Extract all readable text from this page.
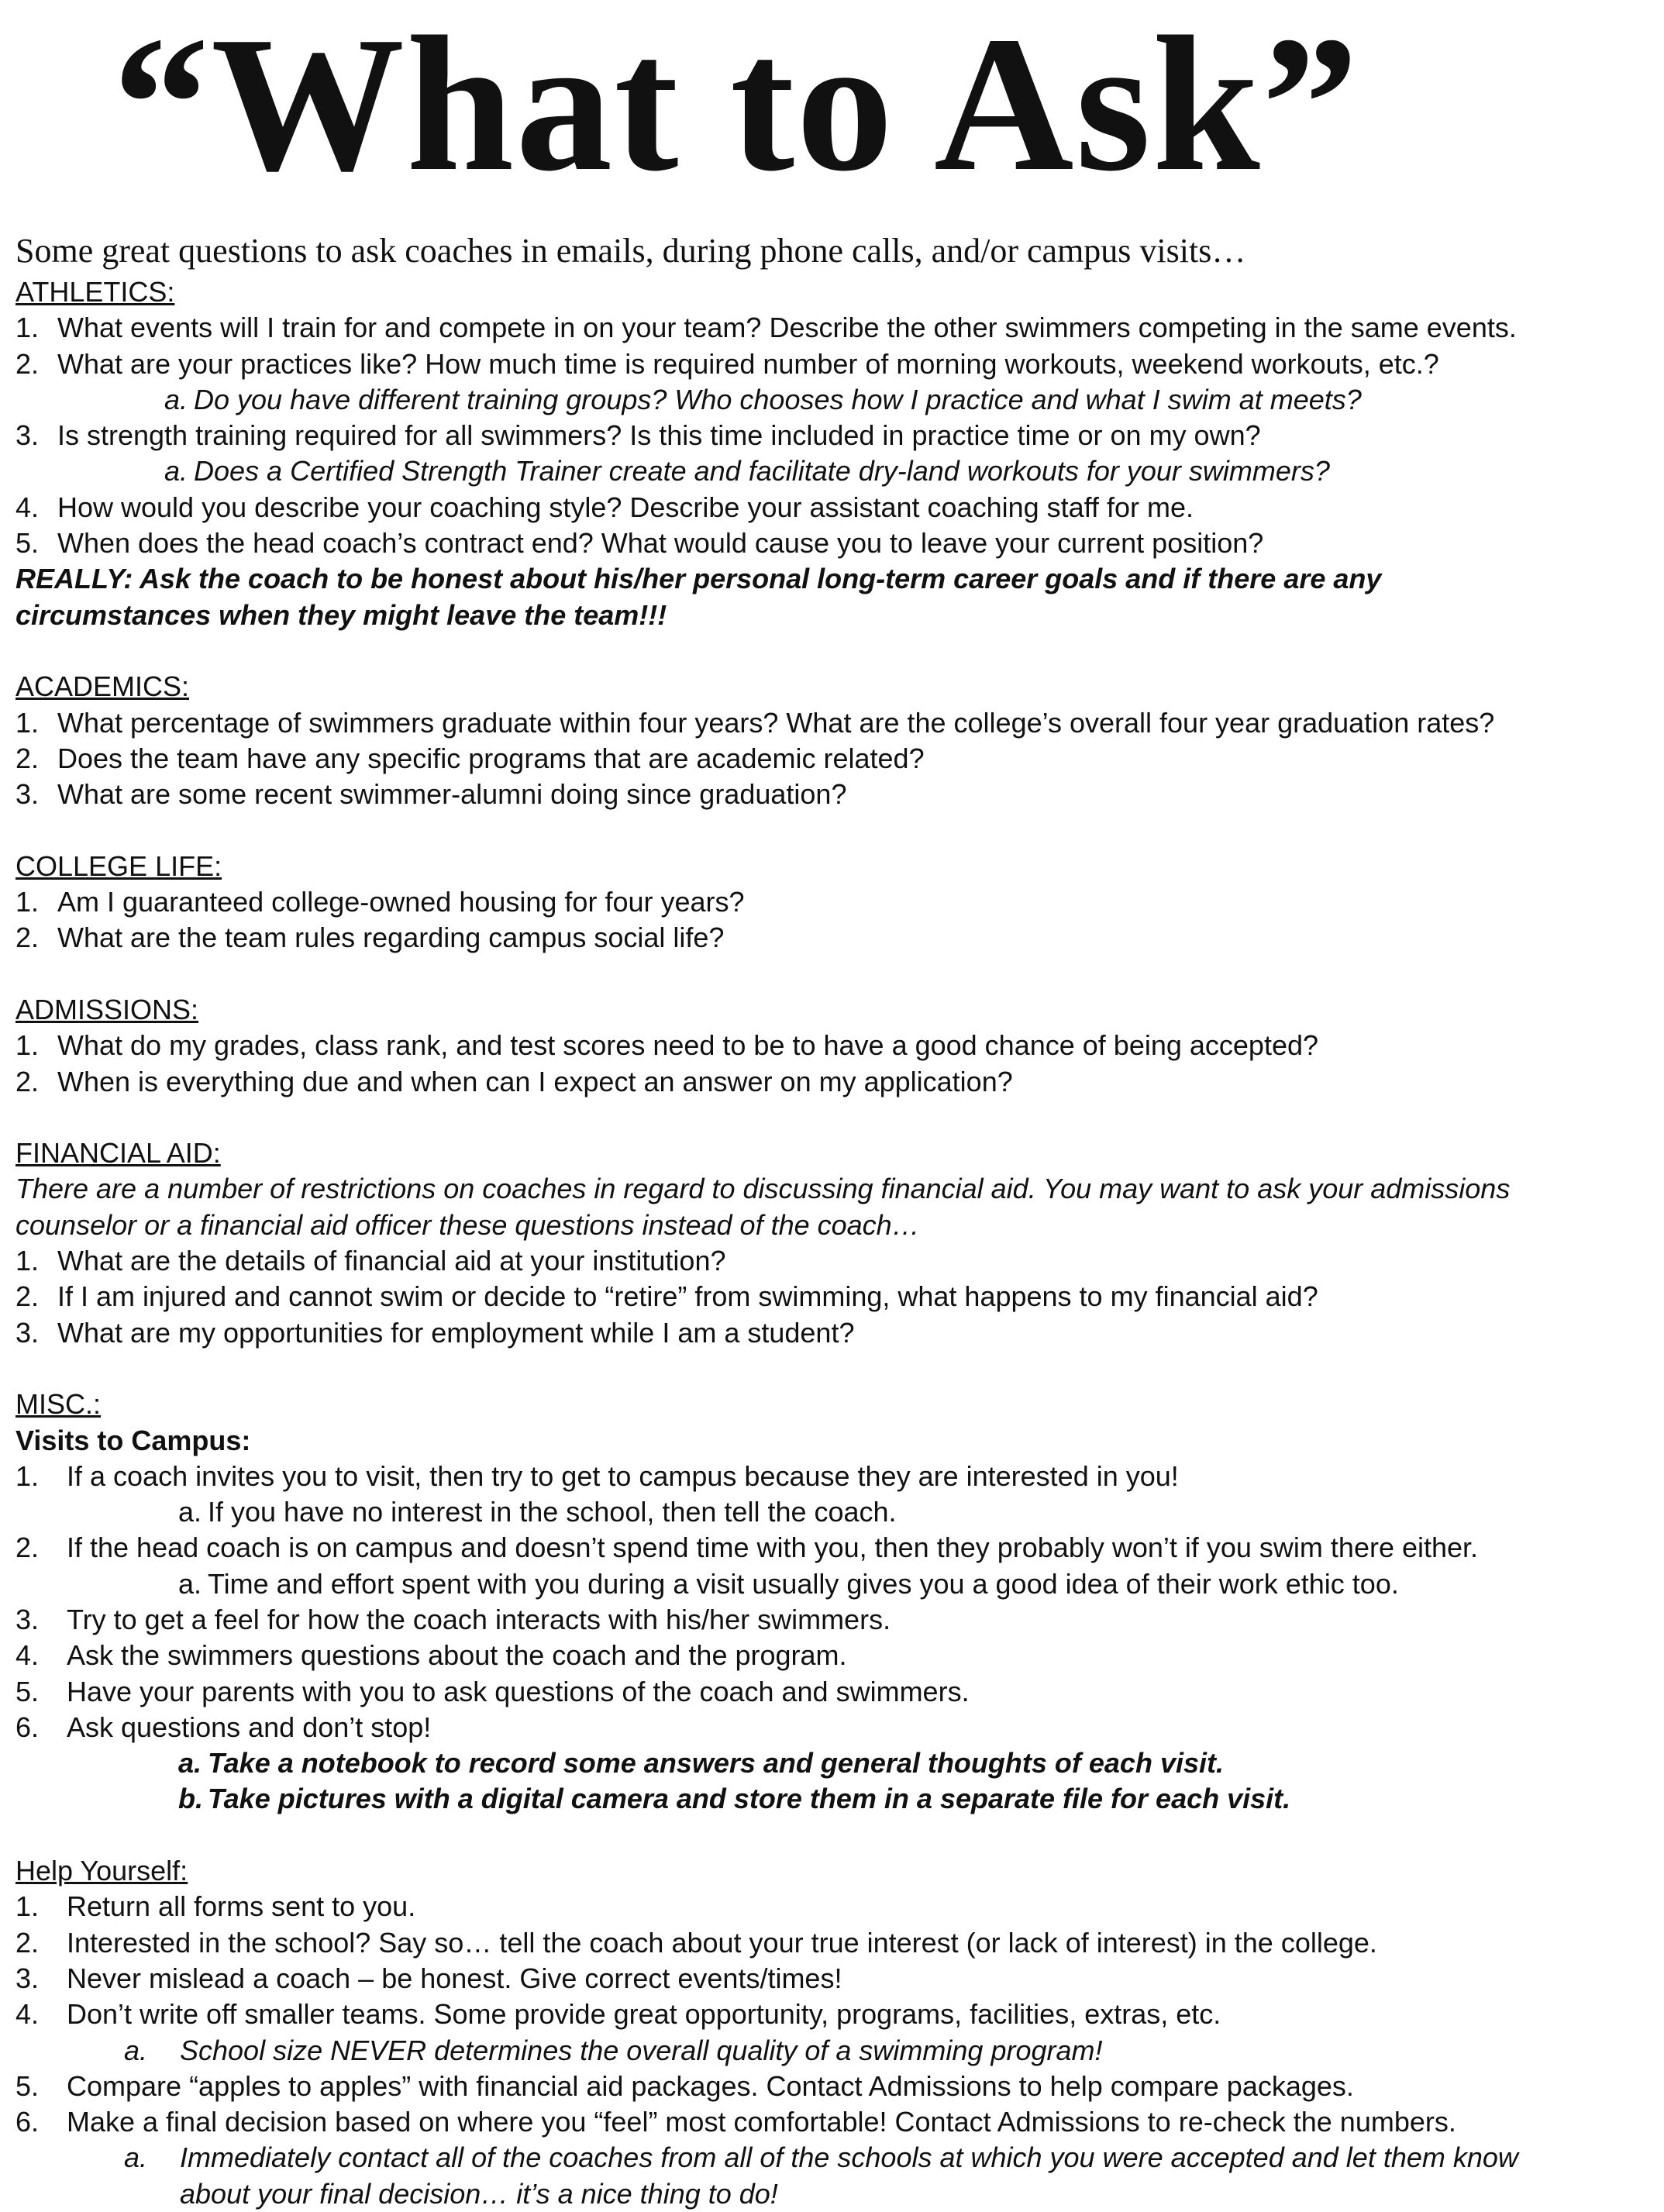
“What to Ask”

Some great questions to ask coaches in emails, during phone calls, and/or campus visits…

ATHLETICS:
1. What events will I train for and compete in on your team? Describe the other swimmers competing in the same events.
2. What are your practices like? How much time is required number of morning workouts, weekend workouts, etc.?
a. Do you have different training groups? Who chooses how I practice and what I swim at meets?
3. Is strength training required for all swimmers? Is this time included in practice time or on my own?
a. Does a Certified Strength Trainer create and facilitate dry-land workouts for your swimmers?
4. How would you describe your coaching style? Describe your assistant coaching staff for me.
5. When does the head coach’s contract end? What would cause you to leave your current position?
REALLY: Ask the coach to be honest about his/her personal long-term career goals and if there are any
circumstances when they might leave the team!!!
ACADEMICS:
1. What percentage of swimmers graduate within four years? What are the college’s overall four year graduation rates?
2. Does the team have any specific programs that are academic related?
3. What are some recent swimmer-alumni doing since graduation?
COLLEGE LIFE:
1. Am I guaranteed college-owned housing for four years?
2. What are the team rules regarding campus social life?
ADMISSIONS:
1. What do my grades, class rank, and test scores need to be to have a good chance of being accepted?
2. When is everything due and when can I expect an answer on my application?
FINANCIAL AID:
There are a number of restrictions on coaches in regard to discussing financial aid. You may want to ask your admissions
counselor or a financial aid officer these questions instead of the coach…
1. What are the details of financial aid at your institution?
2. If I am injured and cannot swim or decide to “retire” from swimming, what happens to my financial aid?
3. What are my opportunities for employment while I am a student?
MISC.:
Visits to Campus:
1. If a coach invites you to visit, then try to get to campus because they are interested in you!
a. If you have no interest in the school, then tell the coach.
2. If the head coach is on campus and doesn’t spend time with you, then they probably won’t if you swim there either.
a. Time and effort spent with you during a visit usually gives you a good idea of their work ethic too.
3. Try to get a feel for how the coach interacts with his/her swimmers.
4. Ask the swimmers questions about the coach and the program.
5. Have your parents with you to ask questions of the coach and swimmers.
6. Ask questions and don’t stop!
a. Take a notebook to record some answers and general thoughts of each visit.
b. Take pictures with a digital camera and store them in a separate file for each visit.
Help Yourself:
1. Return all forms sent to you.
2. Interested in the school? Say so… tell the coach about your true interest (or lack of interest) in the college.
3. Never mislead a coach – be honest. Give correct events/times!
4. Don’t write off smaller teams. Some provide great opportunity, programs, facilities, extras, etc.
a. School size NEVER determines the overall quality of a swimming program!
5. Compare “apples to apples” with financial aid packages. Contact Admissions to help compare packages.
6. Make a final decision based on where you “feel” most comfortable! Contact Admissions to re-check the numbers.
a. Immediately contact all of the coaches from all of the schools at which you were accepted and let them know
about your final decision… it’s a nice thing to do!
